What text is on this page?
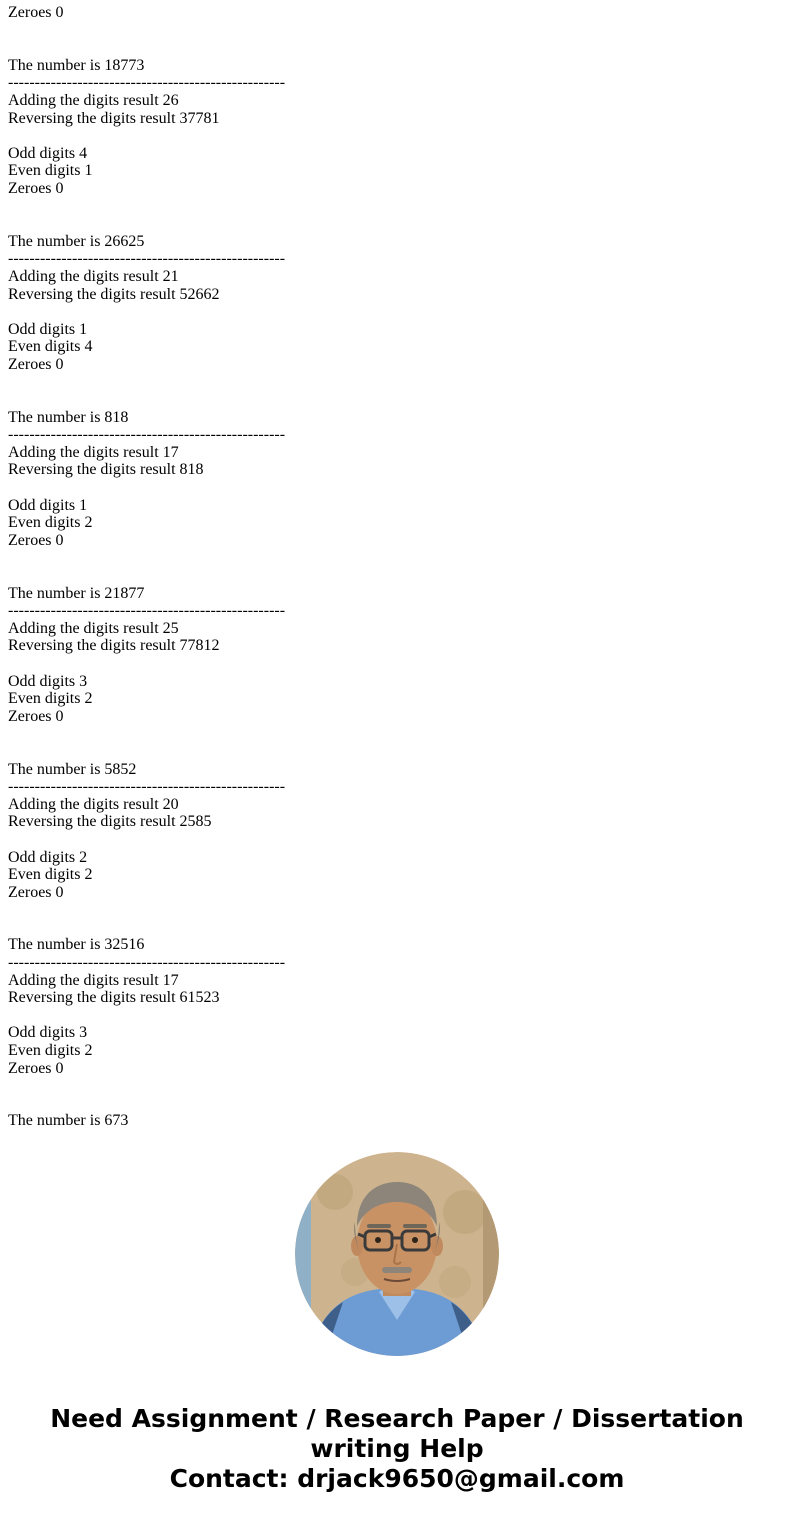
Zeroes 0
The number is 18773
----------------------------------------------------
Adding the digits result 26
Reversing the digits result 37781
Odd digits 4
Even digits 1
Zeroes 0
The number is 26625
----------------------------------------------------
Adding the digits result 21
Reversing the digits result 52662
Odd digits 1
Even digits 4
Zeroes 0
The number is 818
----------------------------------------------------
Adding the digits result 17
Reversing the digits result 818
Odd digits 1
Even digits 2
Zeroes 0
The number is 21877
----------------------------------------------------
Adding the digits result 25
Reversing the digits result 77812
Odd digits 3
Even digits 2
Zeroes 0
The number is 5852
----------------------------------------------------
Adding the digits result 20
Reversing the digits result 2585
Odd digits 2
Even digits 2
Zeroes 0
The number is 32516
----------------------------------------------------
Adding the digits result 17
Reversing the digits result 61523
Odd digits 3
Even digits 2
Zeroes 0
The number is 673
Need Assignment / Research Paper / Dissertation
writing Help
Contact: drjack9650@gmail.com
